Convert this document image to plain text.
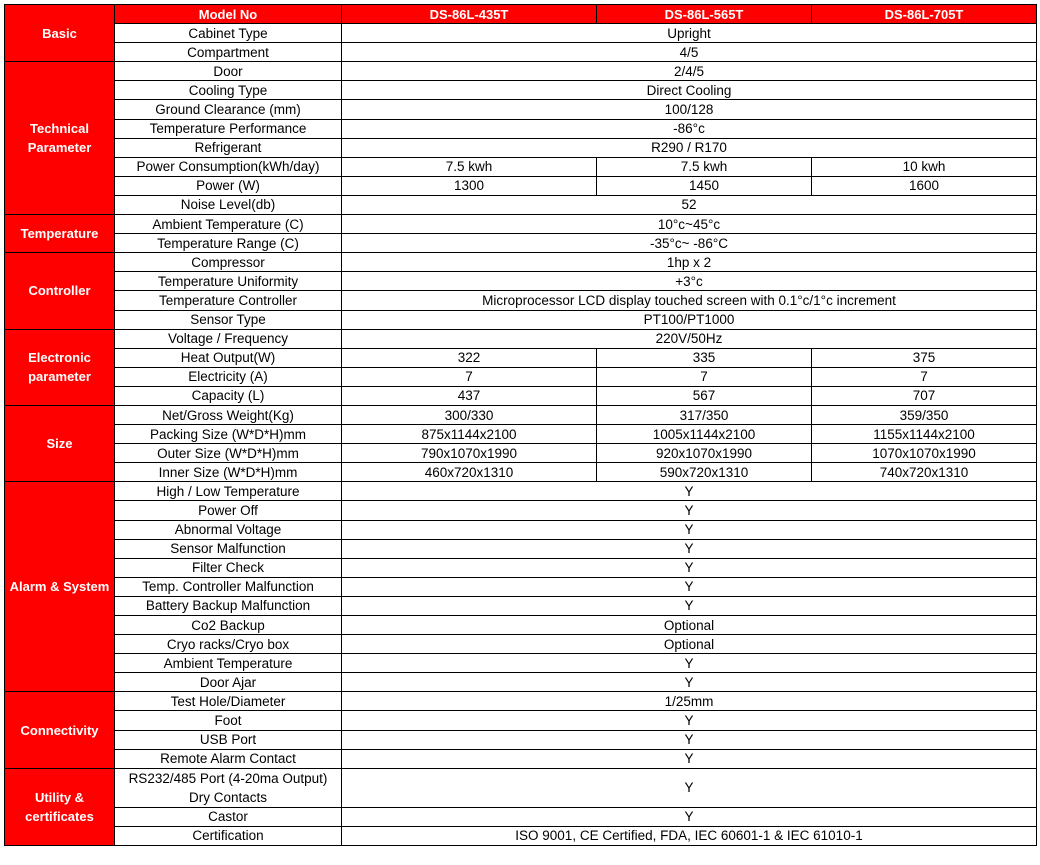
Basic	Model No	DS-86L-435T	DS-86L-565T	DS-86L-705T
	Cabinet Type	Upright		
	Compartment	4/5		
Technical Parameter	Door	2/4/5		
	Cooling Type	Direct Cooling		
	Ground Clearance (mm)	100/128		
	Temperature Performance	-86°c		
	Refrigerant	R290 / R170		
	Power Consumption(kWh/day)	7.5 kwh	7.5 kwh	10 kwh
	Power (W)	1300	1450	1600
	Noise Level(db)	52		
Temperature	Ambient Temperature (C)	10°c~45°c		
	Temperature Range (C)	-35°c~ -86°C		
Controller	Compressor	1hp x 2		
	Temperature Uniformity	+3°c		
	Temperature Controller	Microprocessor LCD display touched screen with 0.1°c/1°c increment		
	Sensor Type	PT100/PT1000		
Electronic parameter	Voltage / Frequency	220V/50Hz		
	Heat Output(W)	322	335	375
	Electricity (A)	7	7	7
	Capacity (L)	437	567	707
Size	Net/Gross Weight(Kg)	300/330	317/350	359/350
	Packing Size (W*D*H)mm	875x1144x2100	1005x1144x2100	1155x1144x2100
	Outer Size (W*D*H)mm	790x1070x1990	920x1070x1990	1070x1070x1990
	Inner Size (W*D*H)mm	460x720x1310	590x720x1310	740x720x1310
Alarm & System	High / Low Temperature	Y		
	Power Off	Y		
	Abnormal Voltage	Y		
	Sensor Malfunction	Y		
	Filter Check	Y		
	Temp. Controller Malfunction	Y		
	Battery Backup Malfunction	Y		
	Co2 Backup	Optional		
	Cryo racks/Cryo box	Optional		
	Ambient Temperature	Y		
	Door Ajar	Y		
Connectivity	Test Hole/Diameter	1/25mm		
	Foot	Y		
	USB Port	Y		
	Remote Alarm Contact	Y		
Utility & certificates	RS232/485 Port (4-20ma Output) Dry Contacts	Y		
	Castor	Y		
	Certification	ISO 9001, CE Certified, FDA, IEC 60601-1 & IEC 61010-1		
